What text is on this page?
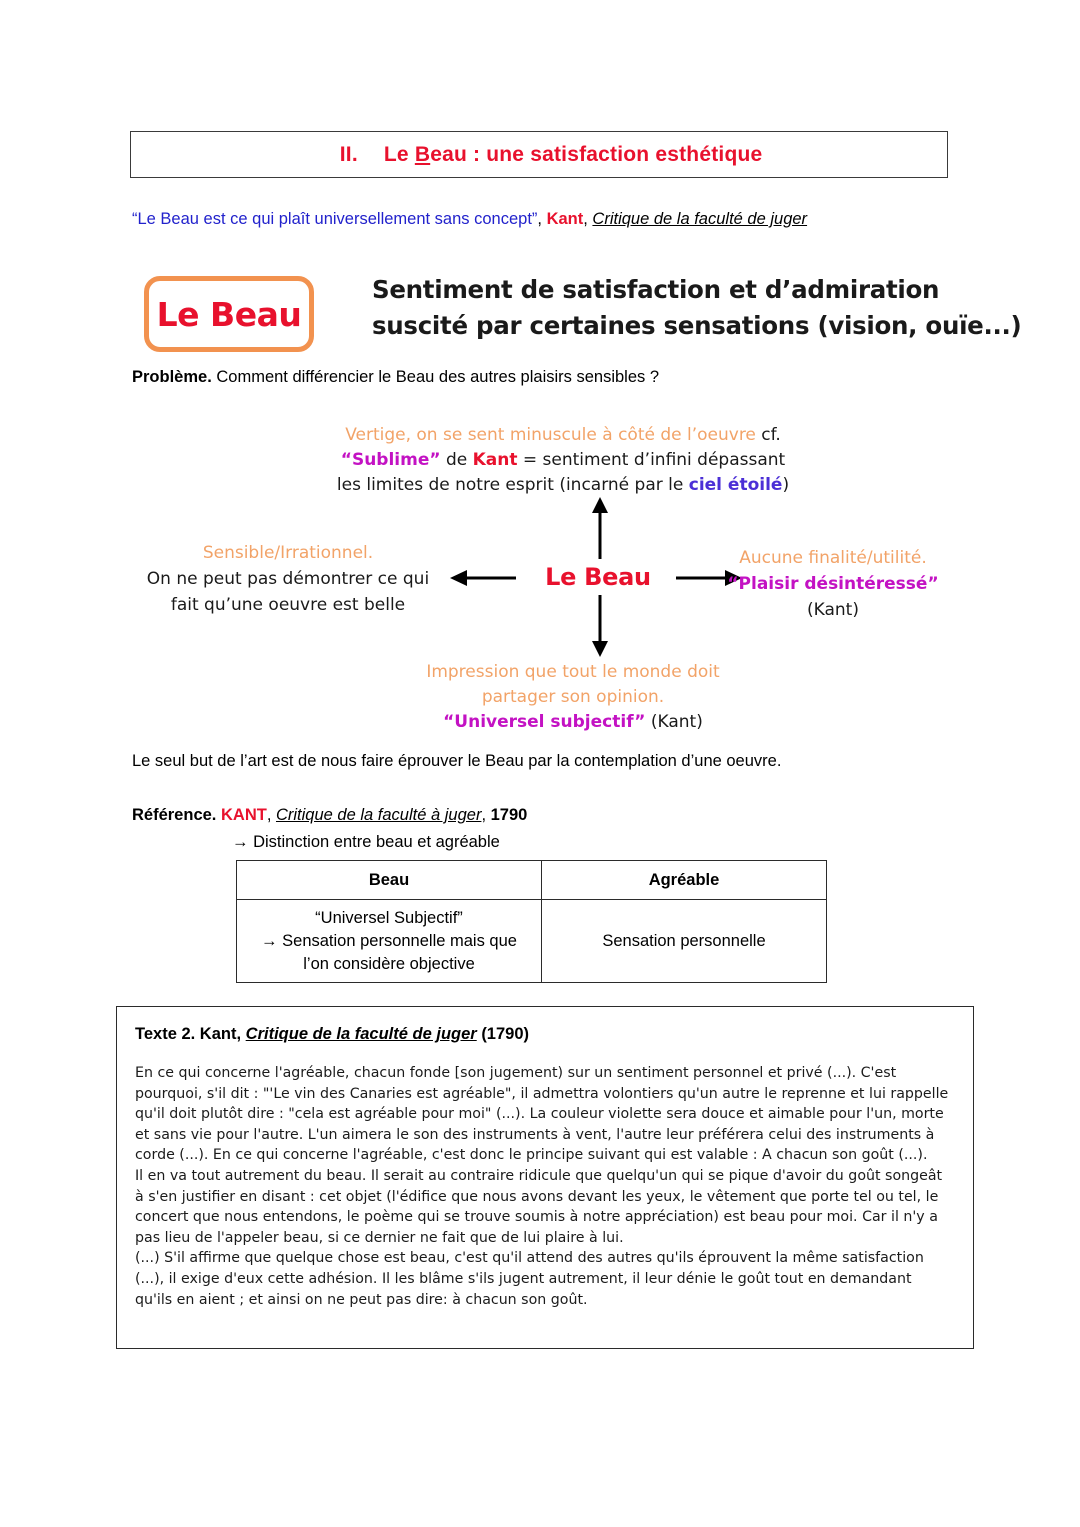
II. Le Beau : une satisfaction esthétique

“Le Beau est ce qui plaît universellement sans concept”, Kant, Critique de la faculté de juger
Le Beau
Sentiment de satisfaction et d’admiration
suscité par certaines sensations (vision, ouïe...)
Problème. Comment différencier le Beau des autres plaisirs sensibles ?
Vertige, on se sent minuscule à côté de l’oeuvre cf.
“Sublime” de Kant = sentiment d’infini dépassant
les limites de notre esprit (incarné par le ciel étoilé)
Le Beau
Sensible/Irrationnel.
On ne peut pas démontrer ce qui
fait qu’une oeuvre est belle
Aucune finalité/utilité.
“Plaisir désintéressé” (Kant)
Impression que tout le monde doit
partager son opinion.
“Universel subjectif” (Kant)
Le seul but de l’art est de nous faire éprouver le Beau par la contemplation d’une oeuvre.
Référence. KANT, Critique de la faculté à juger, 1790
→ Distinction entre beau et agréable
Beau	Agréable

“Universel Subjectif”
→ Sensation personnelle mais que
l’on considère objective	Sensation personnelle
Texte 2. Kant, Critique de la faculté de juger (1790)

En ce qui concerne l'agréable, chacun fonde [son jugement) sur un sentiment personnel et privé (...). C'est pourquoi, s'il dit : "'Le vin des Canaries est agréable", il admettra volontiers qu'un autre le reprenne et lui rappelle qu'il doit plutôt dire : "cela est agréable pour moi" (...). La couleur violette sera douce et aimable pour l'un, morte et sans vie pour l'autre. L'un aimera le son des instruments à vent, l'autre leur préférera celui des instruments à corde (...). En ce qui concerne l'agréable, c'est donc le principe suivant qui est valable : A chacun son goût (...).

Il en va tout autrement du beau. Il serait au contraire ridicule que quelqu'un qui se pique d'avoir du goût songeât à s'en justifier en disant : cet objet (l'édifice que nous avons devant les yeux, le vêtement que porte tel ou tel, le concert que nous entendons, le poème qui se trouve soumis à notre appréciation) est beau pour moi. Car il n'y a pas lieu de l'appeler beau, si ce dernier ne fait que de lui plaire à lui.

(...) S'il affirme que quelque chose est beau, c'est qu'il attend des autres qu'ils éprouvent la même satisfaction (...), il exige d'eux cette adhésion. Il les blâme s'ils jugent autrement, il leur dénie le goût tout en demandant qu'ils en aient ; et ainsi on ne peut pas dire: à chacun son goût.
